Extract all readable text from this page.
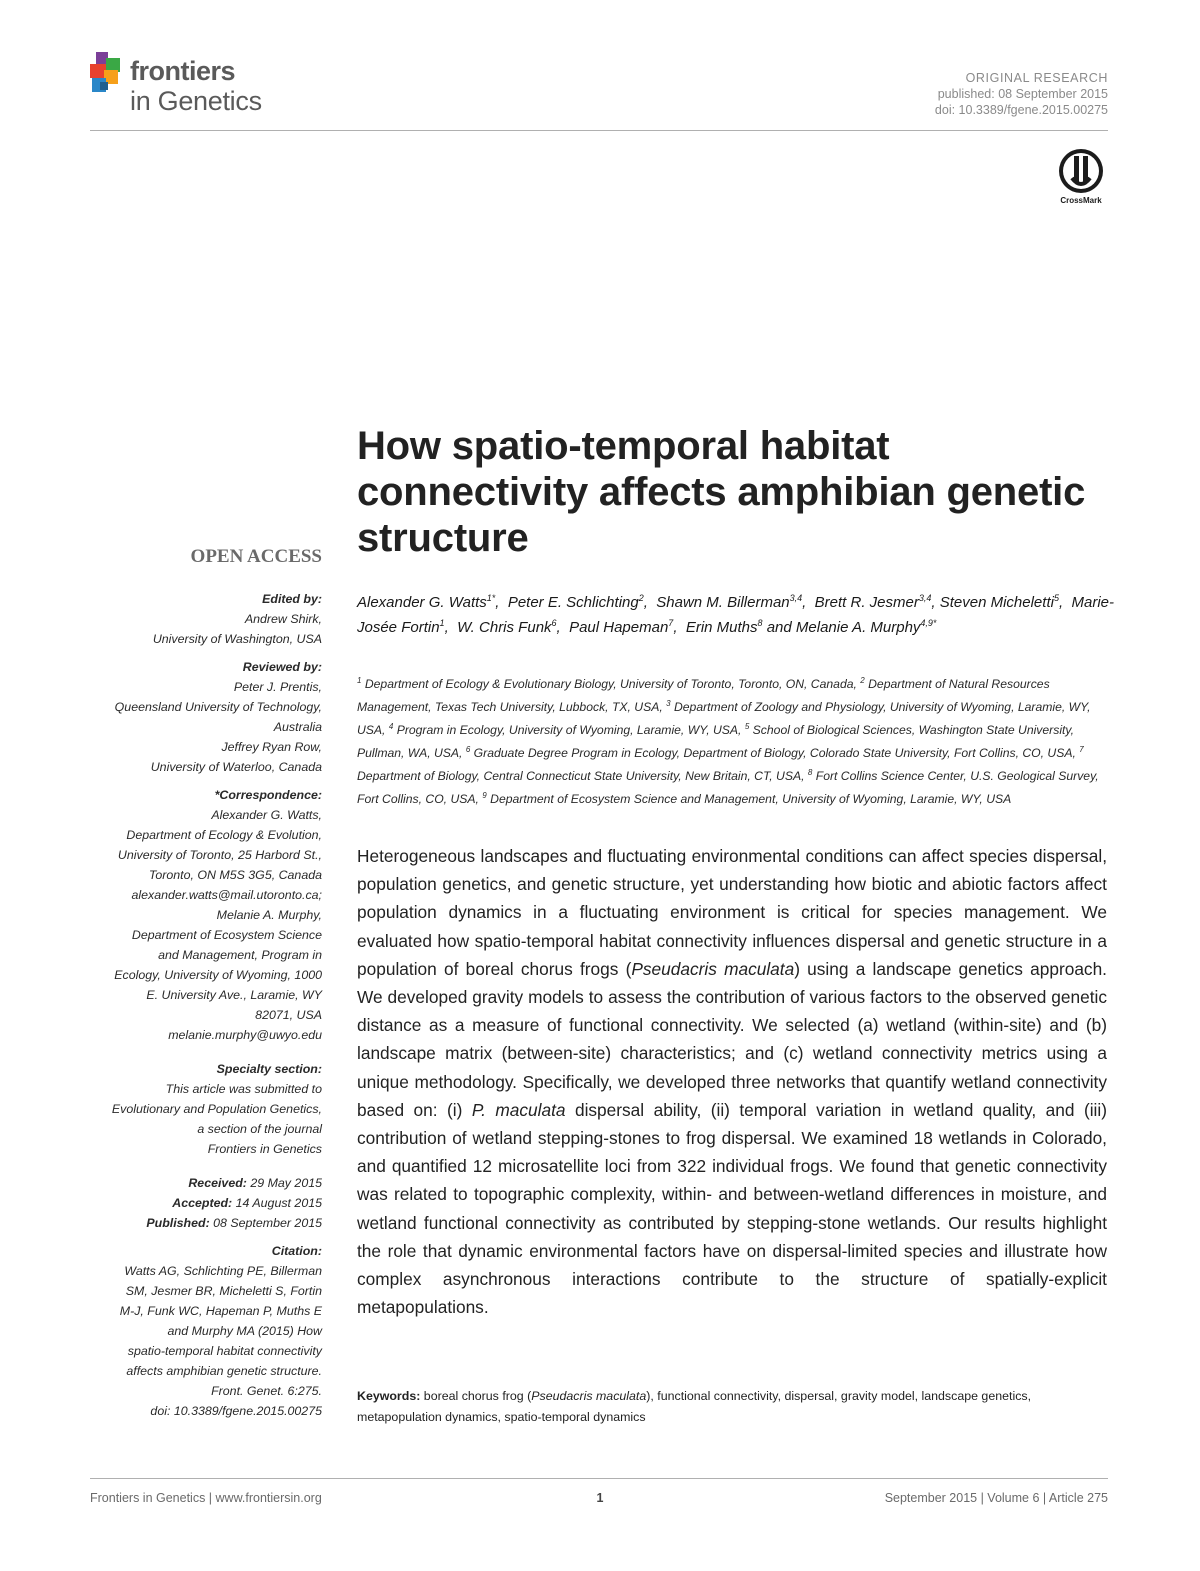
frontiers
in Genetics
ORIGINAL RESEARCH
published: 08 September 2015
doi: 10.3389/fgene.2015.00275
CrossMark
How spatio-temporal habitat connectivity affects amphibian genetic structure
OPEN ACCESS
Edited by:
Andrew Shirk,
University of Washington, USA
Reviewed by:
Peter J. Prentis,
Queensland University of Technology,
Australia
Jeffrey Ryan Row,
University of Waterloo, Canada
*Correspondence:
Alexander G. Watts,
Department of Ecology & Evolution,
University of Toronto, 25 Harbord St.,
Toronto, ON M5S 3G5, Canada
alexander.watts@mail.utoronto.ca;
Melanie A. Murphy,
Department of Ecosystem Science
and Management, Program in
Ecology, University of Wyoming, 1000
E. University Ave., Laramie, WY
82071, USA
melanie.murphy@uwyo.edu
Specialty section:
This article was submitted to
Evolutionary and Population Genetics,
a section of the journal
Frontiers in Genetics
Received: 29 May 2015
Accepted: 14 August 2015
Published: 08 September 2015
Citation:
Watts AG, Schlichting PE, Billerman
SM, Jesmer BR, Micheletti S, Fortin
M-J, Funk WC, Hapeman P, Muths E
and Murphy MA (2015) How
spatio-temporal habitat connectivity
affects amphibian genetic structure.
Front. Genet. 6:275.
doi: 10.3389/fgene.2015.00275
Alexander G. Watts$^{1*}$,  Peter E. Schlichting$^2$,  Shawn M. Billerman$^{3,4}$,  Brett R. Jesmer$^{3,4}$, Steven Micheletti$^5$,  Marie-Josée Fortin$^1$,  W. Chris Funk$^6$,  Paul Hapeman$^7$,  Erin Muths$^8$ and Melanie A. Murphy$^{4,9*}$
$^1$ Department of Ecology & Evolutionary Biology, University of Toronto, Toronto, ON, Canada, $^2$ Department of Natural Resources Management, Texas Tech University, Lubbock, TX, USA, $^3$ Department of Zoology and Physiology, University of Wyoming, Laramie, WY, USA, $^4$ Program in Ecology, University of Wyoming, Laramie, WY, USA, $^5$ School of Biological Sciences, Washington State University, Pullman, WA, USA, $^6$ Graduate Degree Program in Ecology, Department of Biology, Colorado State University, Fort Collins, CO, USA, $^7$ Department of Biology, Central Connecticut State University, New Britain, CT, USA, $^8$ Fort Collins Science Center, U.S. Geological Survey, Fort Collins, CO, USA, $^9$ Department of Ecosystem Science and Management, University of Wyoming, Laramie, WY, USA
Heterogeneous landscapes and fluctuating environmental conditions can affect species dispersal, population genetics, and genetic structure, yet understanding how biotic and abiotic factors affect population dynamics in a fluctuating environment is critical for species management. We evaluated how spatio-temporal habitat connectivity influences dispersal and genetic structure in a population of boreal chorus frogs (Pseudacris maculata) using a landscape genetics approach. We developed gravity models to assess the contribution of various factors to the observed genetic distance as a measure of functional connectivity. We selected (a) wetland (within-site) and (b) landscape matrix (between-site) characteristics; and (c) wetland connectivity metrics using a unique methodology. Specifically, we developed three networks that quantify wetland connectivity based on: (i) P. maculata dispersal ability, (ii) temporal variation in wetland quality, and (iii) contribution of wetland stepping-stones to frog dispersal. We examined 18 wetlands in Colorado, and quantified 12 microsatellite loci from 322 individual frogs. We found that genetic connectivity was related to topographic complexity, within- and between-wetland differences in moisture, and wetland functional connectivity as contributed by stepping-stone wetlands. Our results highlight the role that dynamic environmental factors have on dispersal-limited species and illustrate how complex asynchronous interactions contribute to the structure of spatially-explicit metapopulations.
Keywords: boreal chorus frog (Pseudacris maculata), functional connectivity, dispersal, gravity model, landscape genetics, metapopulation dynamics, spatio-temporal dynamics
Frontiers in Genetics | www.frontiersin.org	1	September 2015 | Volume 6 | Article 275
